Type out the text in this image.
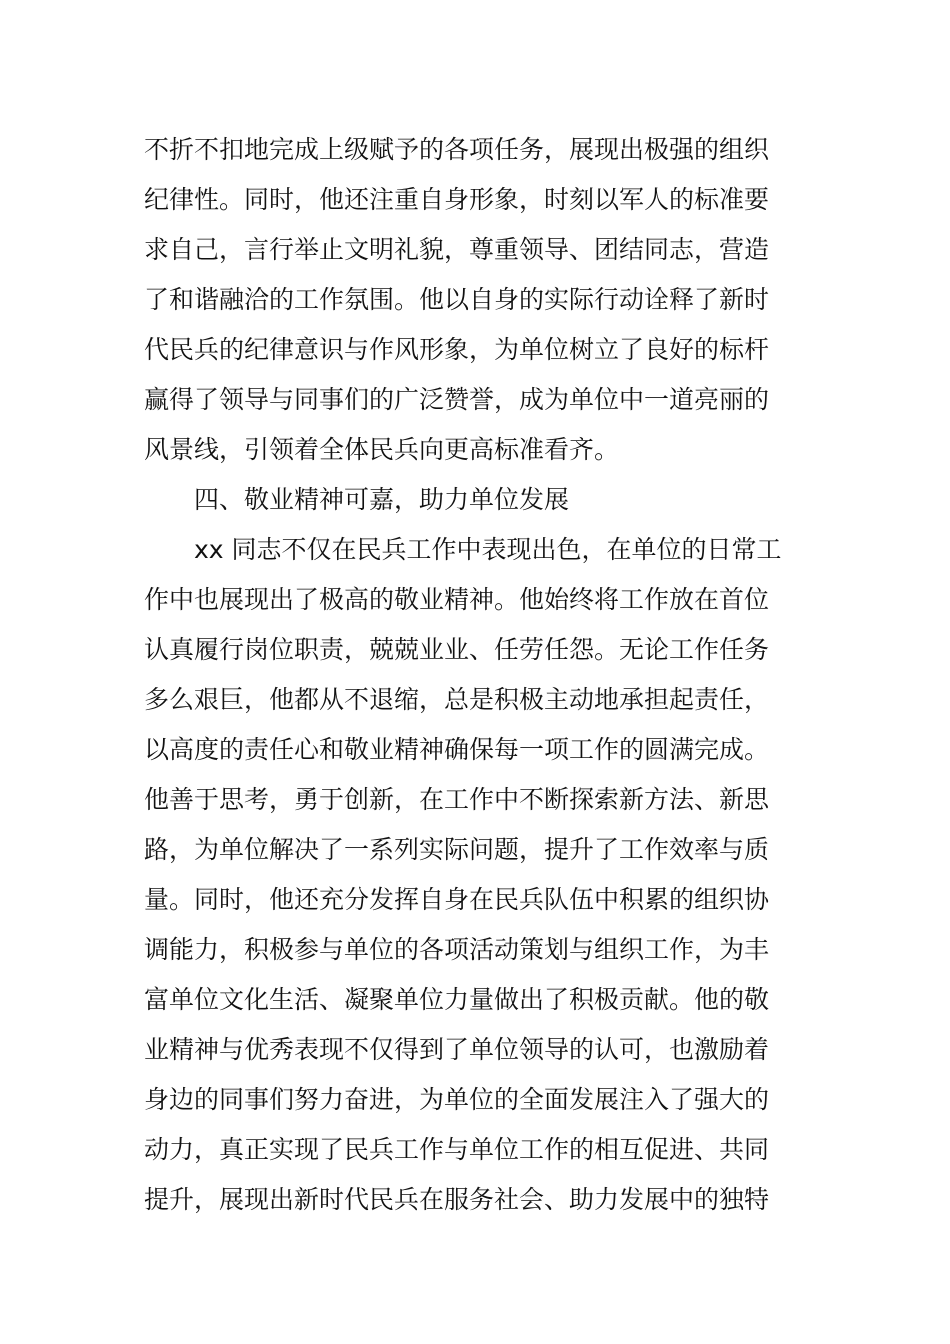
不折不扣地完成上级赋予的各项任务，展现出极强的组织
纪律性。同时，他还注重自身形象，时刻以军人的标准要
求自己，言行举止文明礼貌，尊重领导、团结同志，营造
了和谐融洽的工作氛围。他以自身的实际行动诠释了新时
代民兵的纪律意识与作风形象，为单位树立了良好的标杆
赢得了领导与同事们的广泛赞誉，成为单位中一道亮丽的
风景线，引领着全体民兵向更高标准看齐。
四、敬业精神可嘉，助力单位发展
xx 同志不仅在民兵工作中表现出色，在单位的日常工
作中也展现出了极高的敬业精神。他始终将工作放在首位
认真履行岗位职责，兢兢业业、任劳任怨。无论工作任务
多么艰巨，他都从不退缩，总是积极主动地承担起责任，
以高度的责任心和敬业精神确保每一项工作的圆满完成。
他善于思考，勇于创新，在工作中不断探索新方法、新思
路，为单位解决了一系列实际问题，提升了工作效率与质
量。同时，他还充分发挥自身在民兵队伍中积累的组织协
调能力，积极参与单位的各项活动策划与组织工作，为丰
富单位文化生活、凝聚单位力量做出了积极贡献。他的敬
业精神与优秀表现不仅得到了单位领导的认可，也激励着
身边的同事们努力奋进，为单位的全面发展注入了强大的
动力，真正实现了民兵工作与单位工作的相互促进、共同
提升，展现出新时代民兵在服务社会、助力发展中的独特
